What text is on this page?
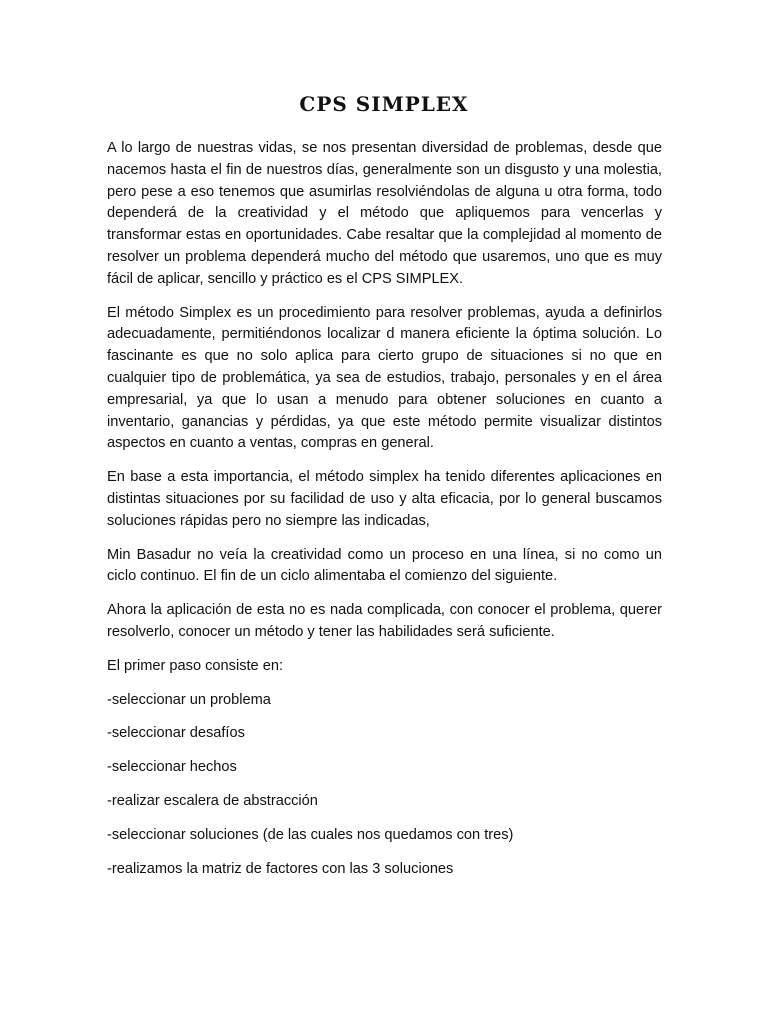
CPS SIMPLEX

A lo largo de nuestras vidas, se nos presentan diversidad de problemas, desde que nacemos hasta el fin de nuestros días, generalmente son un disgusto y una molestia, pero pese a eso tenemos que asumirlas resolviéndolas de alguna u otra forma, todo dependerá de la creatividad y el método que apliquemos para vencerlas y transformar estas en oportunidades. Cabe resaltar que la complejidad al momento de resolver un problema dependerá mucho del método que usaremos, uno que es muy fácil de aplicar, sencillo y práctico es el CPS SIMPLEX.

El método Simplex es un procedimiento para resolver problemas, ayuda a definirlos adecuadamente, permitiéndonos localizar d manera eficiente la óptima solución. Lo fascinante es que no solo aplica para cierto grupo de situaciones si no que en cualquier tipo de problemática, ya sea de estudios, trabajo, personales y en el área empresarial, ya que lo usan a menudo para obtener soluciones en cuanto a inventario, ganancias y pérdidas, ya que este método permite visualizar distintos aspectos en cuanto a ventas, compras en general.

En base a esta importancia, el método simplex ha tenido diferentes aplicaciones en distintas situaciones por su facilidad de uso y alta eficacia, por lo general buscamos soluciones rápidas pero no siempre las indicadas,

Min Basadur no veía la creatividad como un proceso en una línea, si no como un ciclo continuo. El fin de un ciclo alimentaba el comienzo del siguiente.

Ahora la aplicación de esta no es nada complicada, con conocer el problema, querer resolverlo, conocer un método y tener las habilidades será suficiente.

El primer paso consiste en:

-seleccionar un problema
-seleccionar desafíos
-seleccionar hechos
-realizar escalera de abstracción
-seleccionar soluciones (de las cuales nos quedamos con tres)
-realizamos la matriz de factores con las 3 soluciones
